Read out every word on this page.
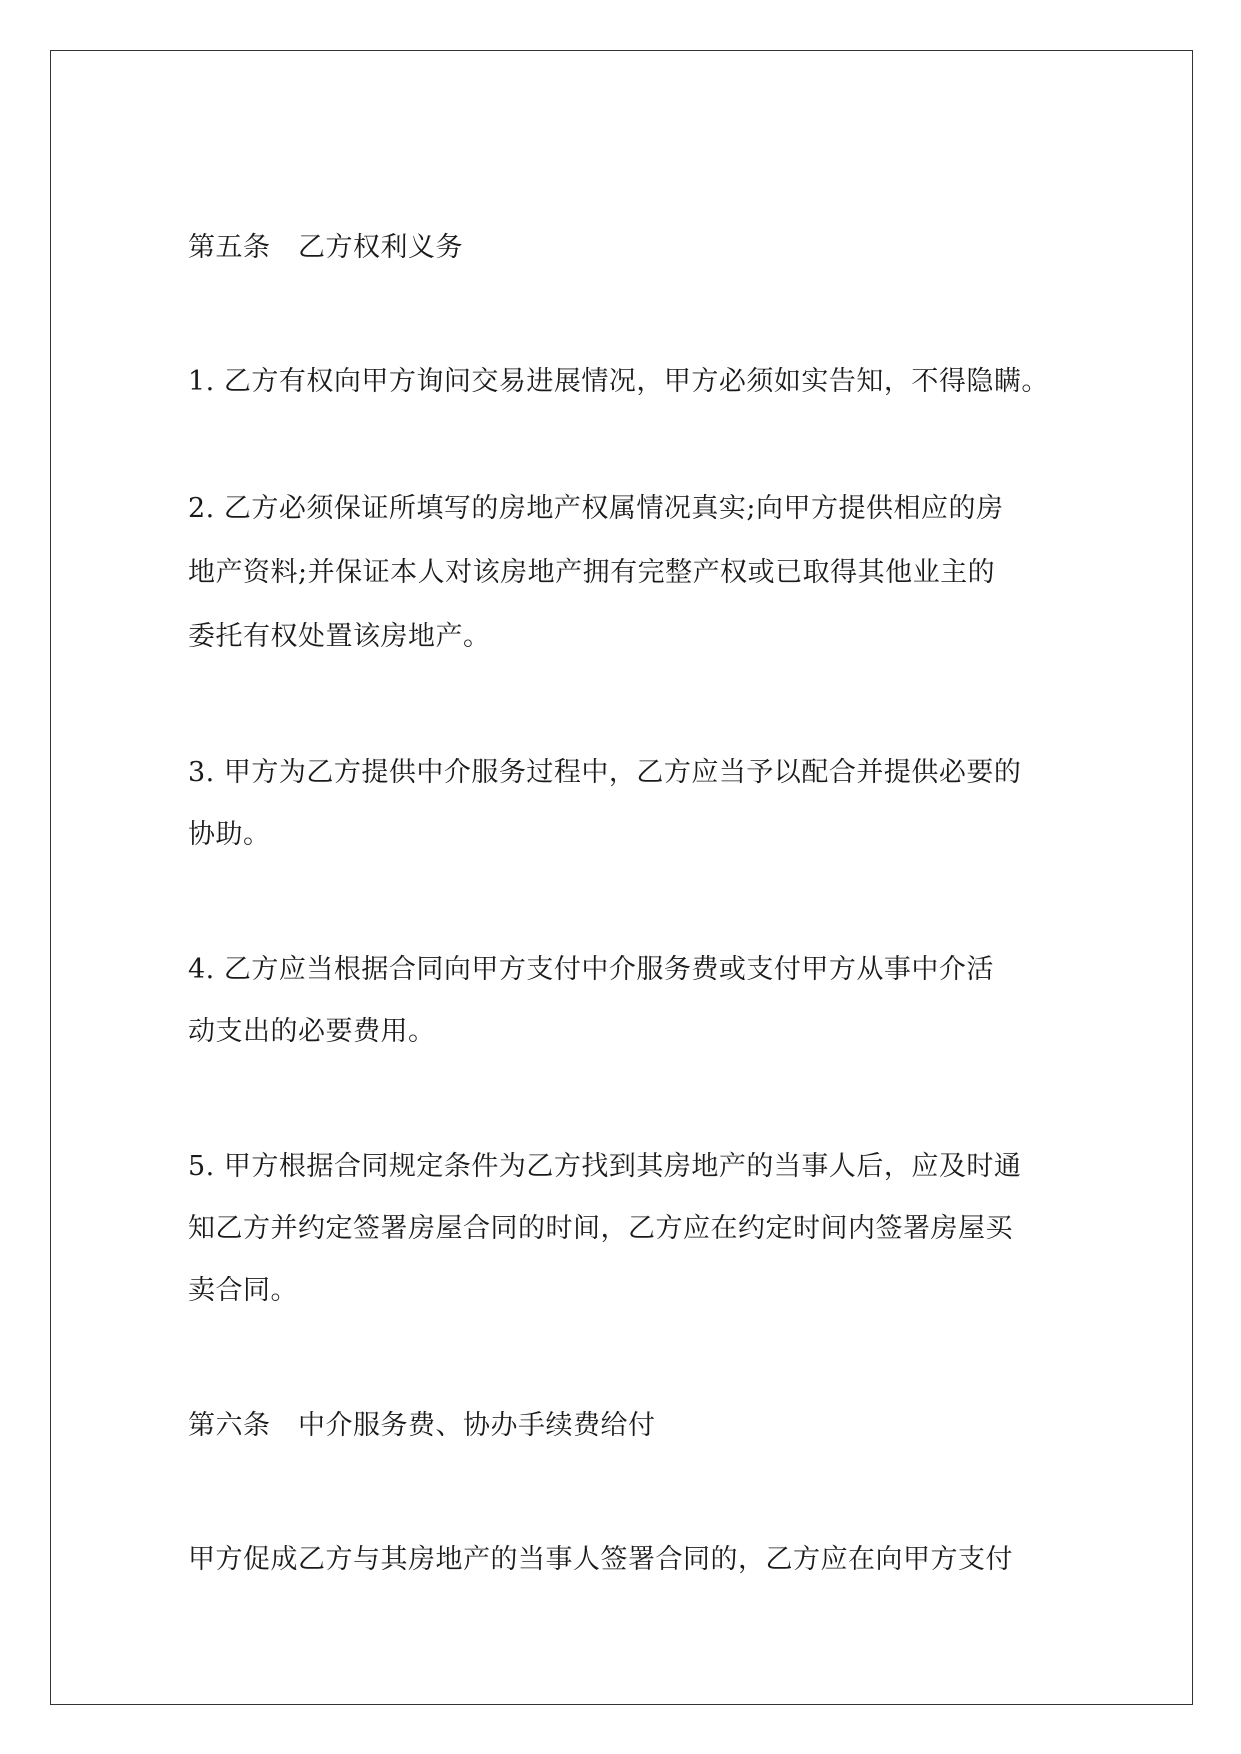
第五条　乙方权利义务
1. 乙方有权向甲方询问交易进展情况，甲方必须如实告知，不得隐瞒。
2. 乙方必须保证所填写的房地产权属情况真实;向甲方提供相应的房
地产资料;并保证本人对该房地产拥有完整产权或已取得其他业主的
委托有权处置该房地产。
3. 甲方为乙方提供中介服务过程中，乙方应当予以配合并提供必要的
协助。
4. 乙方应当根据合同向甲方支付中介服务费或支付甲方从事中介活
动支出的必要费用。
5. 甲方根据合同规定条件为乙方找到其房地产的当事人后，应及时通
知乙方并约定签署房屋合同的时间，乙方应在约定时间内签署房屋买
卖合同。
第六条　中介服务费、协办手续费给付
甲方促成乙方与其房地产的当事人签署合同的，乙方应在向甲方支付
